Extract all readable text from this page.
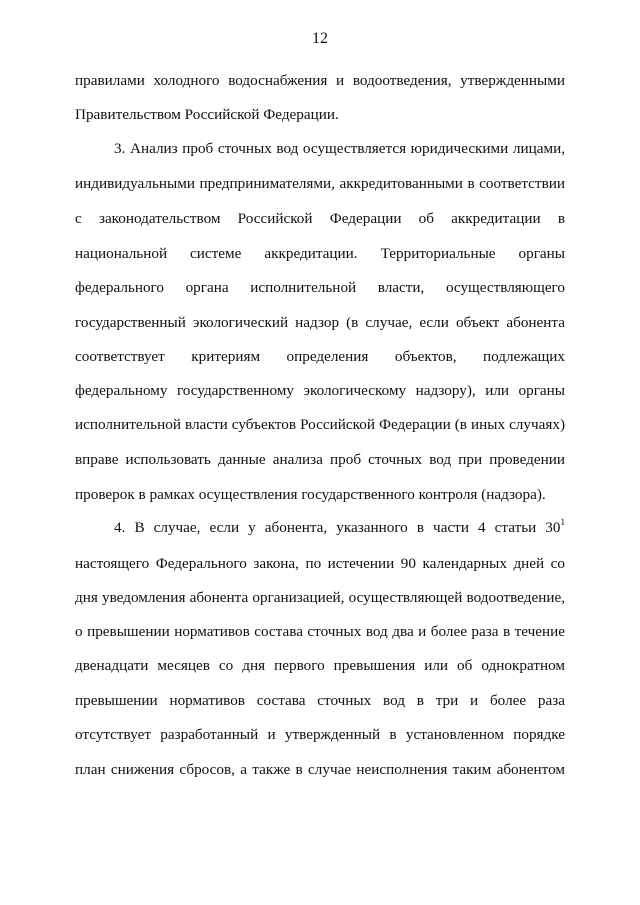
12
правилами холодного водоснабжения и водоотведения, утвержденными
Правительством Российской Федерации.
3. Анализ проб сточных вод осуществляется юридическими лицами,
индивидуальными предпринимателями, аккредитованными в соответствии
с законодательством Российской Федерации об аккредитации в
национальной системе аккредитации. Территориальные органы
федерального органа исполнительной власти, осуществляющего
государственный экологический надзор (в случае, если объект абонента
соответствует критериям определения объектов, подлежащих
федеральному государственному экологическому надзору), или органы
исполнительной власти субъектов Российской Федерации (в иных случаях)
вправе использовать данные анализа проб сточных вод при проведении
проверок в рамках осуществления государственного контроля (надзора).
4. В случае, если у абонента, указанного в части 4 статьи $30^1$
настоящего Федерального закона, по истечении 90 календарных дней со
дня уведомления абонента организацией, осуществляющей водоотведение,
о превышении нормативов состава сточных вод два и более раза в течение
двенадцати месяцев со дня первого превышения или об однократном
превышении нормативов состава сточных вод в три и более раза
отсутствует разработанный и утвержденный в установленном порядке
план снижения сбросов, а также в случае неисполнения таким абонентом
